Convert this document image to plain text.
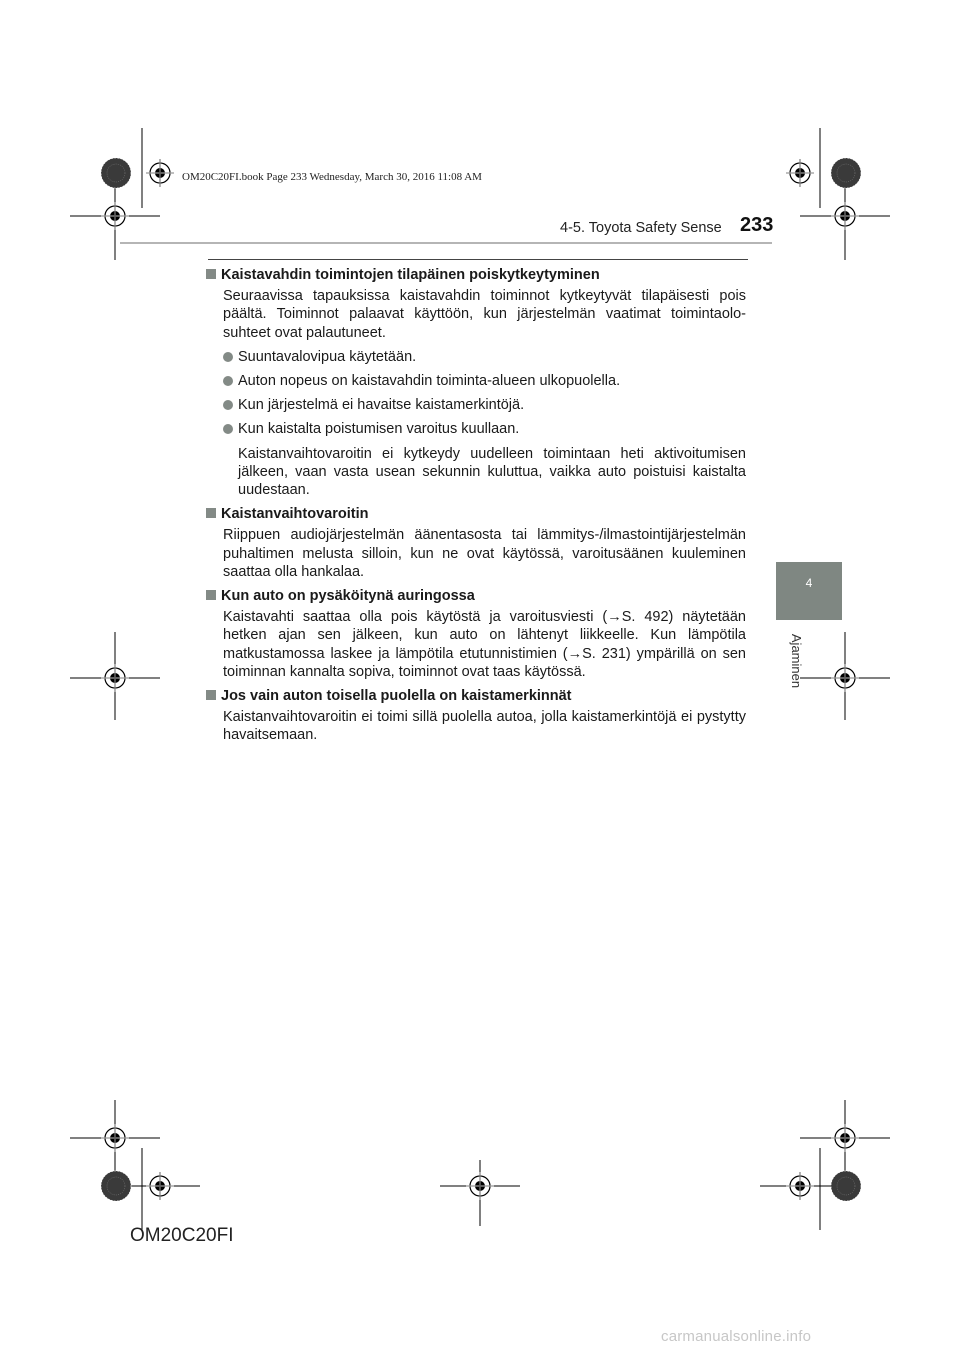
OM20C20FI.book Page 233 Wednesday, March 30, 2016 11:08 AM
4-5. Toyota Safety Sense 233
4
Ajaminen
Kaistavahdin toimintojen tilapäinen poiskytkeytyminen
Seuraavissa tapauksissa kaistavahdin toiminnot kytkeytyvät tilapäisesti pois päältä. Toiminnot palaavat käyttöön, kun järjestelmän vaatimat toimintaolo-suhteet ovat palautuneet.
Suuntavalovipua käytetään.
Auton nopeus on kaistavahdin toiminta-alueen ulkopuolella.
Kun järjestelmä ei havaitse kaistamerkintöjä.
Kun kaistalta poistumisen varoitus kuullaan.
Kaistanvaihtovaroitin ei kytkeydy uudelleen toimintaan heti aktivoitumisen jälkeen, vaan vasta usean sekunnin kuluttua, vaikka auto poistuisi kaistalta uudestaan.
Kaistanvaihtovaroitin
Riippuen audiojärjestelmän äänentasosta tai lämmitys-/ilmastointijärjestelmän puhaltimen melusta silloin, kun ne ovat käytössä, varoitusäänen kuuleminen saattaa olla hankalaa.
Kun auto on pysäköitynä auringossa
Kaistavahti saattaa olla pois käytöstä ja varoitusviesti (→S. 492) näytetään hetken ajan sen jälkeen, kun auto on lähtenyt liikkeelle. Kun lämpötila matkustamossa laskee ja lämpötila etutunnistimien (→S. 231) ympärillä on sen toiminnan kannalta sopiva, toiminnot ovat taas käytössä.
Jos vain auton toisella puolella on kaistamerkinnät
Kaistanvaihtovaroitin ei toimi sillä puolella autoa, jolla kaistamerkintöjä ei pystytty havaitsemaan.
OM20C20FI
carmanualsonline.info
